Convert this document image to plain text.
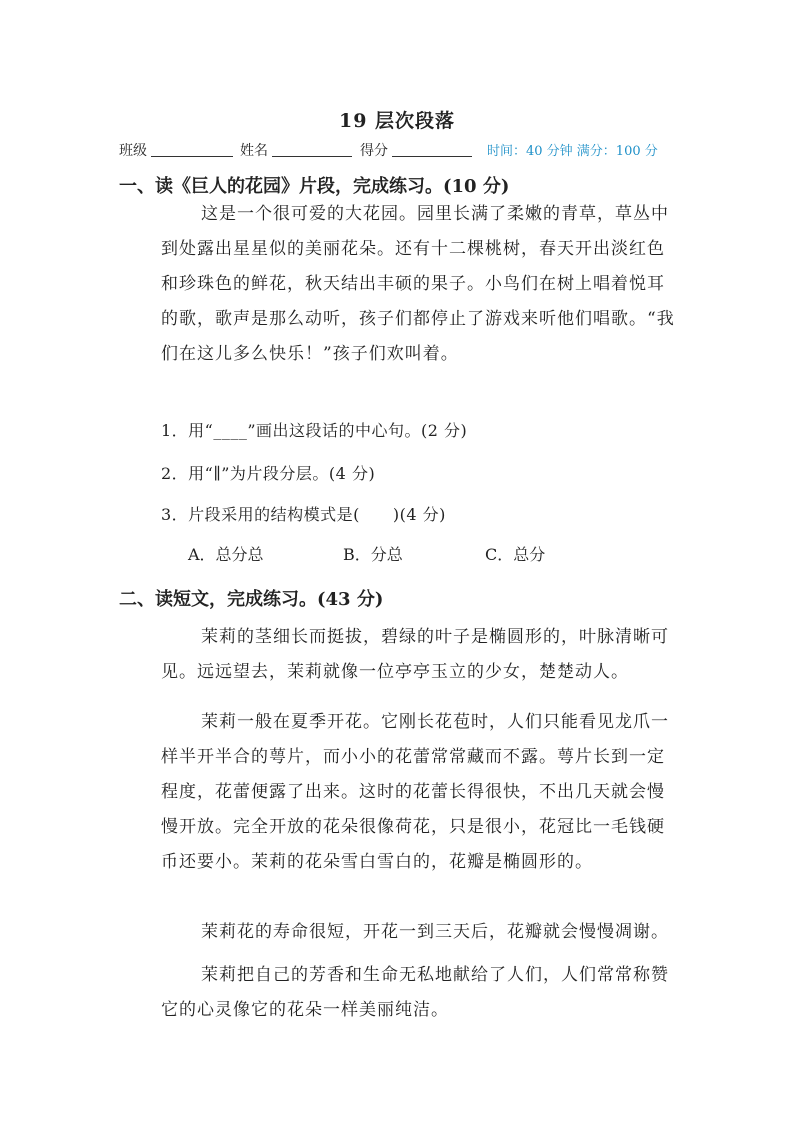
19 层次段落
班级	姓名	得分	时间：40 分钟 满分：100 分
一、读《巨人的花园》片段，完成练习。(10 分)
这是一个很可爱的大花园。园里长满了柔嫩的青草，草丛中
到处露出星星似的美丽花朵。还有十二棵桃树，春天开出淡红色
和珍珠色的鲜花，秋天结出丰硕的果子。小鸟们在树上唱着悦耳
的歌，歌声是那么动听，孩子们都停止了游戏来听他们唱歌。“我
们在这儿多么快乐！”孩子们欢叫着。
1．用“____”画出这段话的中心句。(2 分)
2．用“∥”为片段分层。(4 分)
3．片段采用的结构模式是(　　)(4 分)
A．总分总	B．分总	C．总分
二、读短文，完成练习。(43 分)
茉莉的茎细长而挺拔，碧绿的叶子是椭圆形的，叶脉清晰可
见。远远望去，茉莉就像一位亭亭玉立的少女，楚楚动人。
茉莉一般在夏季开花。它刚长花苞时，人们只能看见龙爪一
样半开半合的萼片，而小小的花蕾常常藏而不露。萼片长到一定
程度，花蕾便露了出来。这时的花蕾长得很快，不出几天就会慢
慢开放。完全开放的花朵很像荷花，只是很小，花冠比一毛钱硬
币还要小。茉莉的花朵雪白雪白的，花瓣是椭圆形的。
茉莉花的寿命很短，开花一到三天后，花瓣就会慢慢凋谢。
茉莉把自己的芳香和生命无私地献给了人们，人们常常称赞
它的心灵像它的花朵一样美丽纯洁。
